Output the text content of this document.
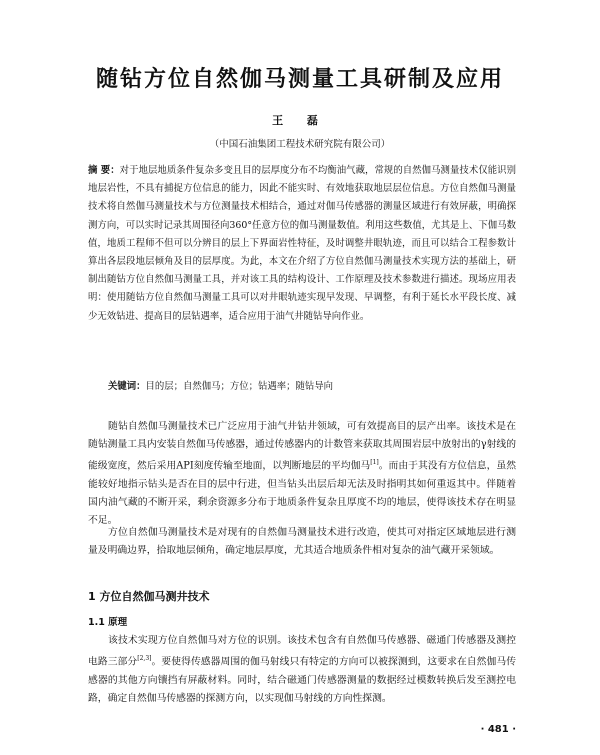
随钻方位自然伽马测量工具研制及应用
王 磊
（中国石油集团工程技术研究院有限公司）
摘 要：对于地层地质条件复杂多变且目的层厚度分布不均衡油气藏，常规的自然伽马测量技术仅能识别地层岩性，不具有捕捉方位信息的能力，因此不能实时、有效地获取地层层位信息。方位自然伽马测量技术将自然伽马测量技术与方位测量技术相结合，通过对伽马传感器的测量区域进行有效屏蔽，明确探测方向，可以实时记录其周围径向360°任意方位的伽马测量数值。利用这些数值，尤其是上、下伽马数值，地质工程师不但可以分辨目的层上下界面岩性特征，及时调整井眼轨迹，而且可以结合工程参数计算出各层段地层倾角及目的层厚度。为此，本文在介绍了方位自然伽马测量技术实现方法的基础上，研制出随钻方位自然伽马测量工具，并对该工具的结构设计、工作原理及技术参数进行描述。现场应用表明：使用随钻方位自然伽马测量工具可以对井眼轨迹实现早发现、早调整，有利于延长水平段长度、减少无效钻进、提高目的层钻遇率，适合应用于油气井随钻导向作业。
关键词：目的层；自然伽马；方位；钻遇率；随钻导向
随钻自然伽马测量技术已广泛应用于油气井钻井领域，可有效提高目的层产出率。该技术是在随钻测量工具内安装自然伽马传感器，通过传感器内的计数管来获取其周围岩层中放射出的γ射线的能级宽度，然后采用API刻度传输至地面，以判断地层的平均伽马[1]。而由于其没有方位信息，虽然能较好地指示钻头是否在目的层中行进，但当钻头出层后却无法及时指明其如何重返其中。伴随着国内油气藏的不断开采，剩余资源多分布于地质条件复杂且厚度不均的地层，使得该技术存在明显不足。
方位自然伽马测量技术是对现有的自然伽马测量技术进行改造，使其可对指定区域地层进行测量及明确边界，拾取地层倾角，确定地层厚度，尤其适合地质条件相对复杂的油气藏开采领域。
1 方位自然伽马测井技术
1.1 原理
该技术实现方位自然伽马对方位的识别。该技术包含有自然伽马传感器、磁通门传感器及测控电路三部分[2,3]。要使得传感器周围的伽马射线只有特定的方向可以被探测到，这要求在自然伽马传感器的其他方向镶挡有屏蔽材料。同时，结合磁通门传感器测量的数据经过模数转换后发至测控电路，确定自然伽马传感器的探测方向，以实现伽马射线的方向性探测。
· 481 ·
